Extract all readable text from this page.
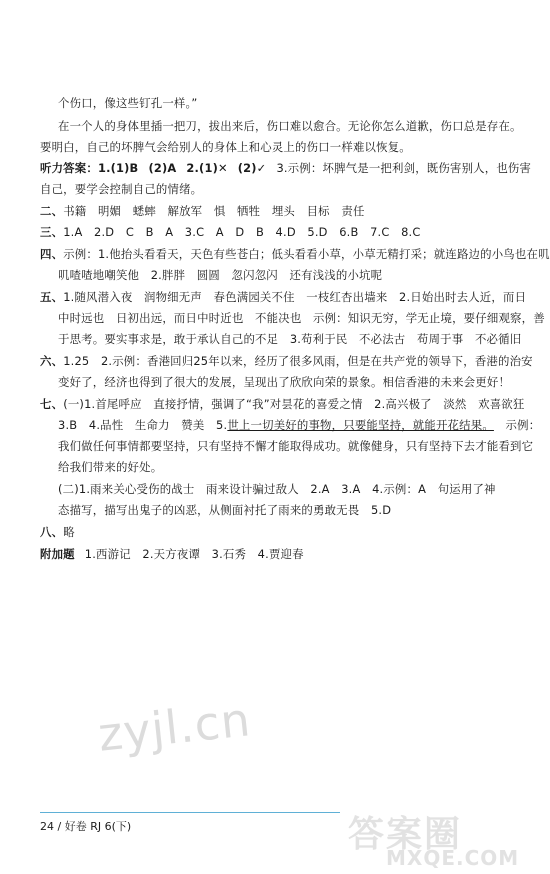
个伤口，像这些钉孔一样。”
在一个人的身体里插一把刀，拔出来后，伤口难以愈合。无论你怎么道歉，伤口总是存在。
要明白，自己的坏脾气会给别人的身体上和心灵上的伤口一样难以恢复。
听力答案：1.(1)B (2)A 2.(1)✕ (2)✓ 3.示例：坏脾气是一把利剑，既伤害别人，也伤害
自己，要学会控制自己的情绪。
二、书籍　明媚　蟋蟀　解放军　惧　牺牲　埋头　目标　责任
三、1.A　2.D　C　B　A　3.C　A　D　B　4.D　5.D　6.B　7.C　8.C
四、示例：1.他抬头看看天，天色有些苍白；低头看看小草，小草无精打采；就连路边的小鸟也在叽
叽喳喳地嘲笑他　2.胖胖　圆圆　忽闪忽闪　还有浅浅的小坑呢
五、1.随风潜入夜　润物细无声　春色满园关不住　一枝红杏出墙来　2.日始出时去人近，而日
中时远也　日初出远，而日中时近也　不能决也　示例：知识无穷，学无止境，要仔细观察，善
于思考。要实事求是，敢于承认自己的不足　3.苟利于民　不必法古　苟周于事　不必循旧
六、1.25　2.示例：香港回归25年以来，经历了很多风雨，但是在共产党的领导下，香港的治安
变好了，经济也得到了很大的发展，呈现出了欣欣向荣的景象。相信香港的未来会更好！
七、(一)1.首尾呼应　直接抒情，强调了“我”对昙花的喜爱之情　2.高兴极了　淡然　欢喜欲狂
3.B　4.品性　生命力　赞美　5.世上一切美好的事物，只要能坚持，就能开花结果。　示例：
我们做任何事情都要坚持，只有坚持不懈才能取得成功。就像健身，只有坚持下去才能看到它
给我们带来的好处。
(二)1.雨来关心受伤的战士　雨来设计骗过敌人　2.A　3.A　4.示例：A　句运用了神
态描写，描写出鬼子的凶恶，从侧面衬托了雨来的勇敢无畏　5.D
八、略
附加题 1.西游记　2.天方夜谭　3.石秀　4.贾迎春
zyjl.cn
24 / 好卷 RJ 6(下)	答案圈
MXQE.COM
